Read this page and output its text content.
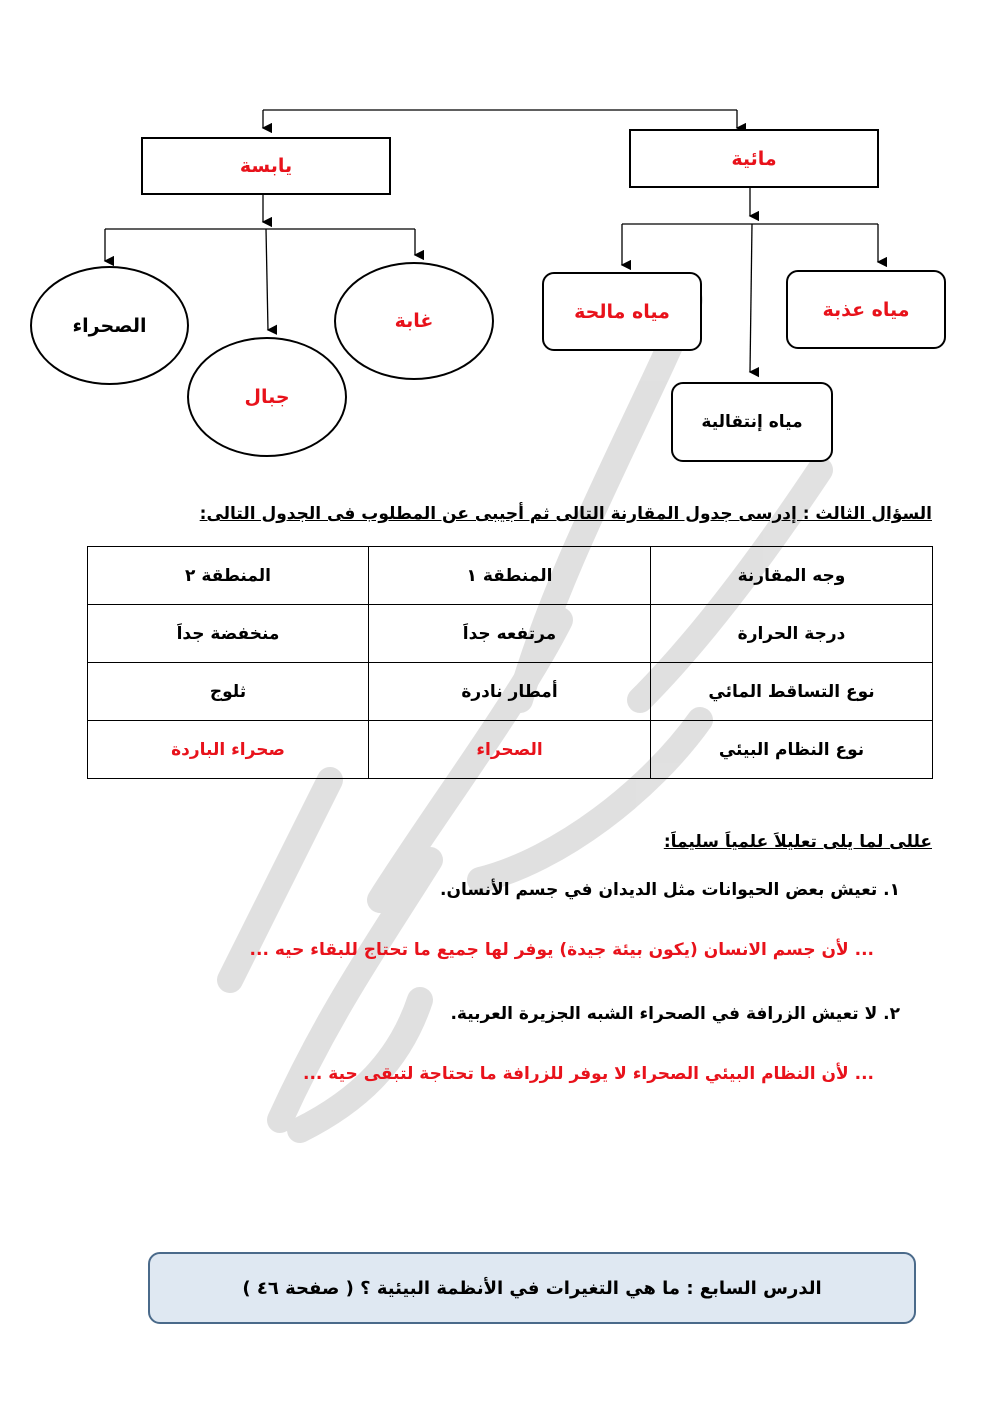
يابسة	مائية
الصحراء	غابة
جبال
مياه مالحة	مياه عذبة
مياه إنتقالية
السؤال الثالث : إدرسى جدول المقارنة التالى ثم أجيبى عن المطلوب فى الجدول التالى:
وجه المقارنة	المنطقة ١	المنطقة ٢
درجة الحرارة	مرتفعه جداَ	منخفضة جداَ
نوع التساقط المائي	أمطار نادرة	ثلوج
نوع النظام البيئي	الصحراء	صحراء الباردة
عللى لما يلى تعليلاَ علمياَ سليماَ:
١. تعيش بعض الحيوانات مثل الديدان في جسم الأنسان.
... لأن جسم الانسان (يكون بيئة جيدة) يوفر لها جميع ما تحتاج للبقاء حيه ...
٢. لا تعيش الزرافة في الصحراء الشبه الجزيرة العربية.
... لأن النظام البيئي الصحراء لا يوفر للزرافة ما تحتاجة لتبقى حية ...
الدرس السابع : ما هي التغيرات في الأنظمة البيئية ؟ ( صفحة ٤٦ )
